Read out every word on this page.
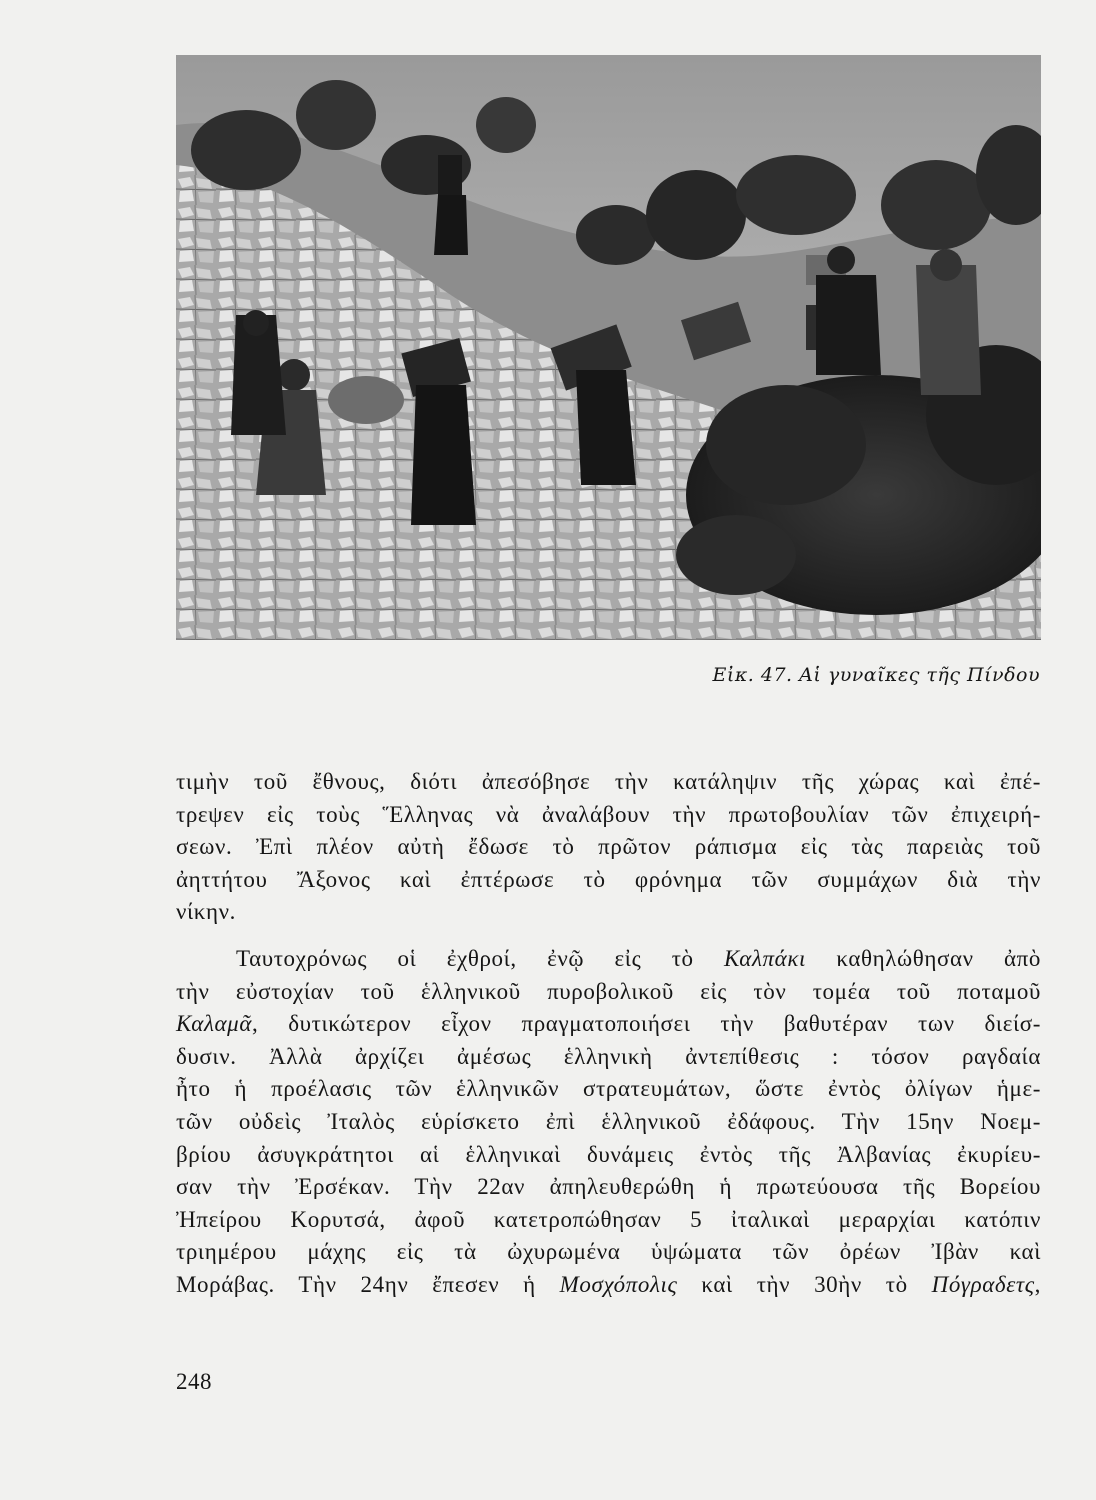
Εἰκ. 47. Αἱ γυναῖκες τῆς Πίνδου
τιμὴν τοῦ ἔθνους, διότι ἀπεσόβησε τὴν κατάληψιν τῆς χώρας καὶ ἐπέ-
τρεψεν εἰς τοὺς Ἕλληνας νὰ ἀναλάβουν τὴν πρωτοβουλίαν τῶν ἐπιχειρή-
σεων. Ἐπὶ πλέον αὐτὴ ἔδωσε τὸ πρῶτον ράπισμα εἰς τὰς παρειὰς τοῦ
ἀηττήτου Ἄξονος καὶ ἐπτέρωσε τὸ φρόνημα τῶν συμμάχων διὰ τὴν
νίκην.
Ταυτοχρόνως οἱ ἐχθροί, ἐνῷ εἰς τὸ Καλπάκι καθηλώθησαν ἀπὸ
τὴν εὐστοχίαν τοῦ ἑλληνικοῦ πυροβολικοῦ εἰς τὸν τομέα τοῦ ποταμοῦ
Καλαμᾶ, δυτικώτερον εἶχον πραγματοποιήσει τὴν βαθυτέραν των διείσ-
δυσιν. Ἀλλὰ ἀρχίζει ἀμέσως ἑλληνικὴ ἀντεπίθεσις : τόσον ραγδαία
ἦτο ἡ προέλασις τῶν ἑλληνικῶν στρατευμάτων, ὥστε ἐντὸς ὀλίγων ἡμε-
τῶν οὐδεὶς Ἰταλὸς εὑρίσκετο ἐπὶ ἑλληνικοῦ ἐδάφους. Τὴν 15ην Νοεμ-
βρίου ἀσυγκράτητοι αἱ ἑλληνικαὶ δυνάμεις ἐντὸς τῆς Ἀλβανίας ἐκυρίευ-
σαν τὴν Ἐρσέκαν. Τὴν 22αν ἀπηλευθερώθη ἡ πρωτεύουσα τῆς Βορείου
Ἠπείρου Κορυτσά, ἀφοῦ κατετροπώθησαν 5 ἰταλικαὶ μεραρχίαι κατόπιν
τριημέρου μάχης εἰς τὰ ὠχυρωμένα ὑψώματα τῶν ὀρέων Ἰβὰν καὶ
Μοράβας. Τὴν 24ην ἔπεσεν ἡ Μοσχόπολις καὶ τὴν 30ὴν τὸ Πόγραδετς,
248
